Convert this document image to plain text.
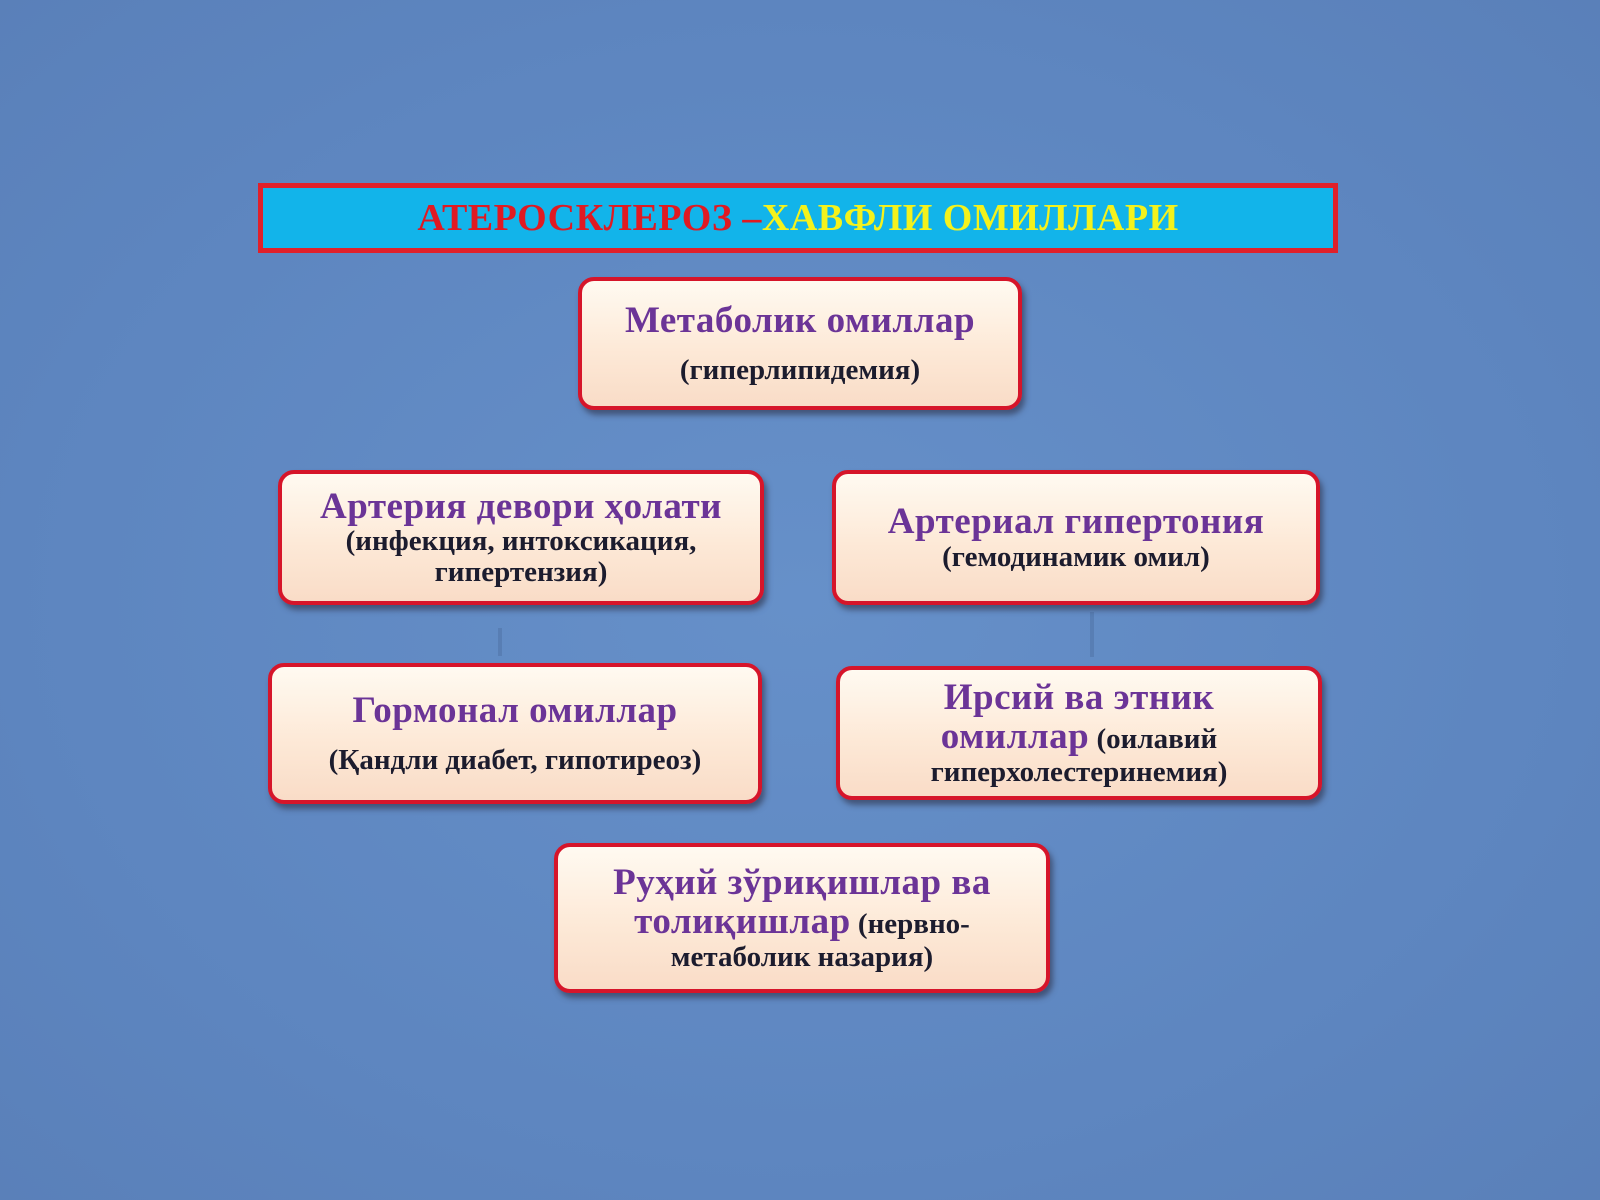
АТЕРОСКЛЕРОЗ – ХАВФЛИ ОМИЛЛАРИ
Метаболик омиллар
(гиперлипидемия)
Артерия девори ҳолати
(инфекция, интоксикация,
гипертензия)
Артериал гипертония
(гемодинамик омил)
Гормонал омиллар
(Қандли диабет, гипотиреоз)
Ирсий ва этник
омиллар (оилавий
гиперхолестеринемия)
Руҳий зўриқишлар ва
толиқишлар (нервно-
метаболик назария)
